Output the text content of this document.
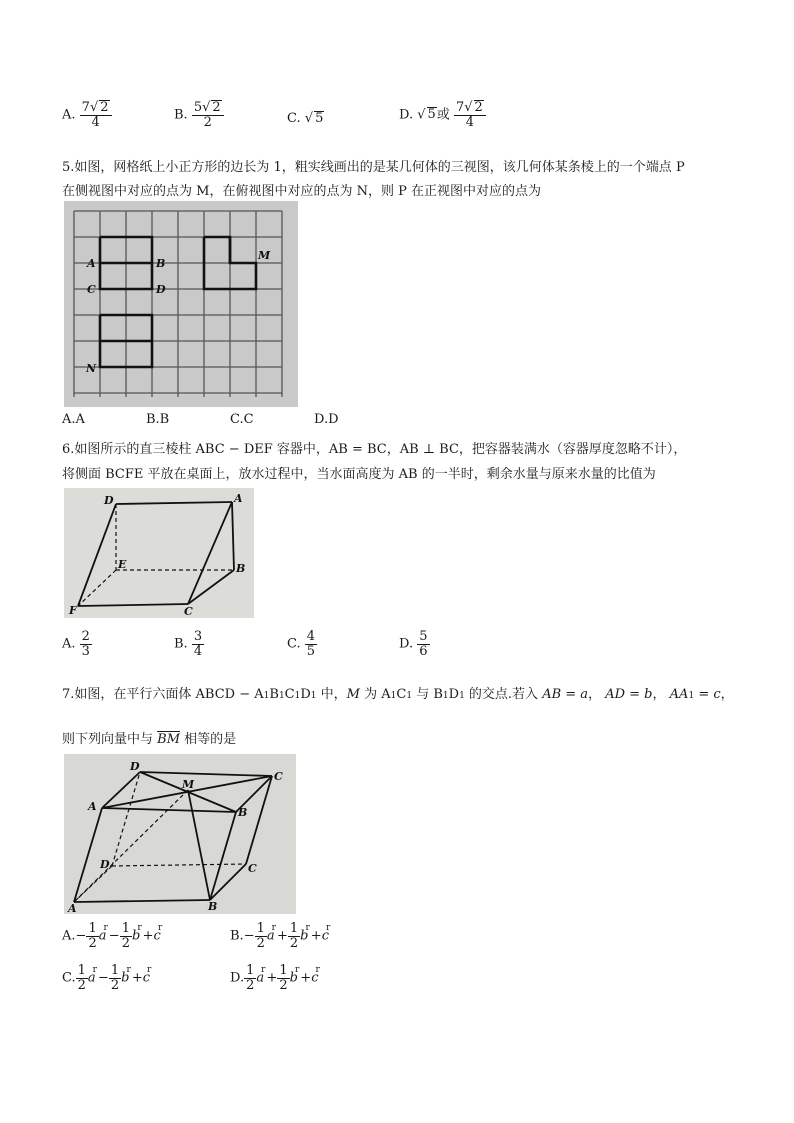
A. $\frac{7√ 2}{4}$	B. $\frac{5√ 2}{2}$	C. √ 5	D. √ 5或 $\frac{7√ 2}{4}$
5.如图，网格纸上小正方形的边长为 1，粗实线画出的是某几何体的三视图，该几何体某条棱上的一个端点 P
在侧视图中对应的点为 M，在俯视图中对应的点为 N，则 P 在正视图中对应的点为
A	B
C	D
M
N
A.A	B.B	C.C	D.D
6.如图所示的直三棱柱 ABC − DEF 容器中，AB = BC，AB ⊥ BC，把容器装满水（容器厚度忽略不计），
将侧面 BCFE 平放在桌面上，放水过程中，当水面高度为 AB 的一半时，剩余水量与原来水量的比值为
D	A
E	B
F	C
A. $\frac{2}{3}$	B. $\frac{3}{4}$	C. $\frac{4}{5}$	D. $\frac{5}{6}$
7.如图，在平行六面体 ABCD − A1B1C1D1 中，M 为 A1C1 与 B1D1 的交点.若入 AB = a， AD = b， AA1 = c，
则下列向量中与 $\overline{BM}$ 相等的是
D
C
M
A	B
D	C
A	B
$A.- \frac{1}{2} a^r- \frac{1}{2} b^r+c^r$
$B.- \frac{1}{2} a^r+ \frac{1}{2} b^r+c^r$
C. $\frac{1}{2} a^r- \frac{1}{2} b^r+c^r$
D. $\frac{1}{2} a^r+ \frac{1}{2} b^r+c^r$
